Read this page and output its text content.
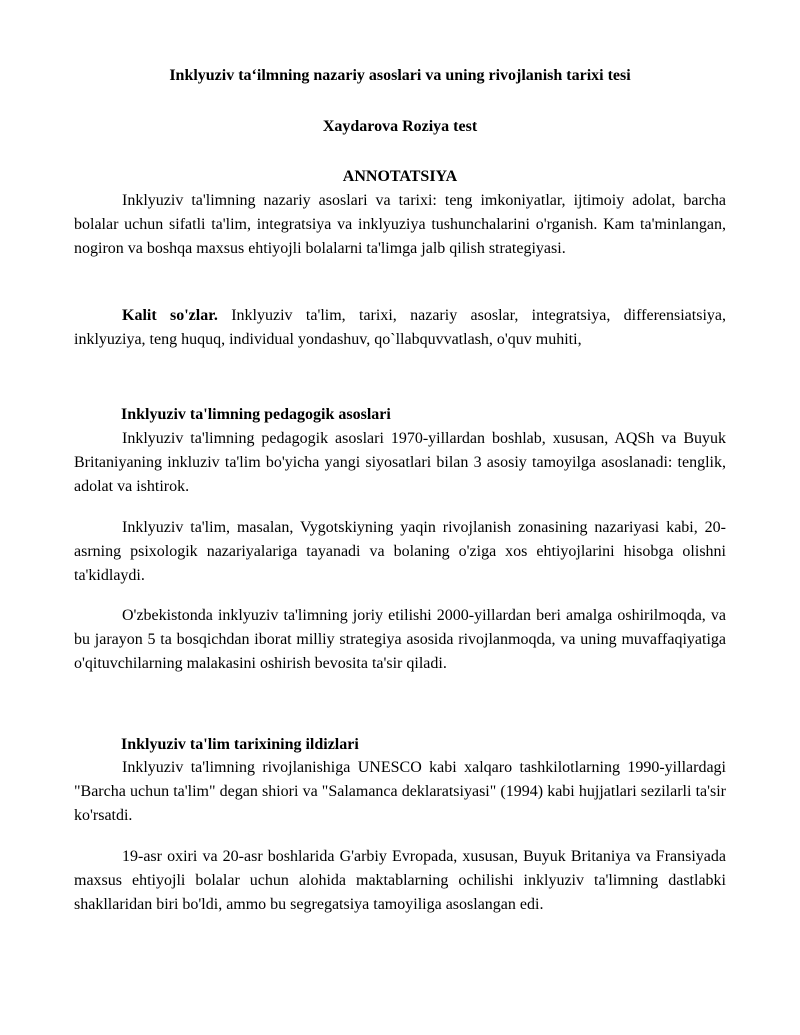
Inklyuziv taʻilmning nazariy asoslari va uning rivojlanish tarixi tesi
Xaydarova Roziya test
ANNOTATSIYA

Inklyuziv ta'limning nazariy asoslari va tarixi: teng imkoniyatlar, ijtimoiy adolat, barcha bolalar uchun sifatli ta'lim, integratsiya va inklyuziya tushunchalarini o'rganish. Kam ta'minlangan, nogiron va boshqa maxsus ehtiyojli bolalarni ta'limga jalb qilish strategiyasi.

Kalit so'zlar. Inklyuziv ta'lim, tarixi, nazariy asoslar, integratsiya, differensiatsiya, inklyuziya, teng huquq, individual yondashuv, qo`llabquvvatlash, o'quv muhiti,

Inklyuziv ta'limning pedagogik asoslari

Inklyuziv ta'limning pedagogik asoslari 1970-yillardan boshlab, xususan, AQSh va Buyuk Britaniyaning inkluziv ta'lim bo'yicha yangi siyosatlari bilan 3 asosiy tamoyilga asoslanadi: tenglik, adolat va ishtirok.

Inklyuziv ta'lim, masalan, Vygotskiyning yaqin rivojlanish zonasining nazariyasi kabi, 20-asrning psixologik nazariyalariga tayanadi va bolaning o'ziga xos ehtiyojlarini hisobga olishni ta'kidlaydi.

O'zbekistonda inklyuziv ta'limning joriy etilishi 2000-yillardan beri amalga oshirilmoqda, va bu jarayon 5 ta bosqichdan iborat milliy strategiya asosida rivojlanmoqda, va uning muvaffaqiyatiga o'qituvchilarning malakasini oshirish bevosita ta'sir qiladi.

Inklyuziv ta'lim tarixining ildizlari

Inklyuziv ta'limning rivojlanishiga UNESCO kabi xalqaro tashkilotlarning 1990-yillardagi "Barcha uchun ta'lim" degan shiori va "Salamanca deklaratsiyasi" (1994) kabi hujjatlari sezilarli ta'sir ko'rsatdi.

19-asr oxiri va 20-asr boshlarida G'arbiy Evropada, xususan, Buyuk Britaniya va Fransiyada maxsus ehtiyojli bolalar uchun alohida maktablarning ochilishi inklyuziv ta'limning dastlabki shakllaridan biri bo'ldi, ammo bu segregatsiya tamoyiliga asoslangan edi.
